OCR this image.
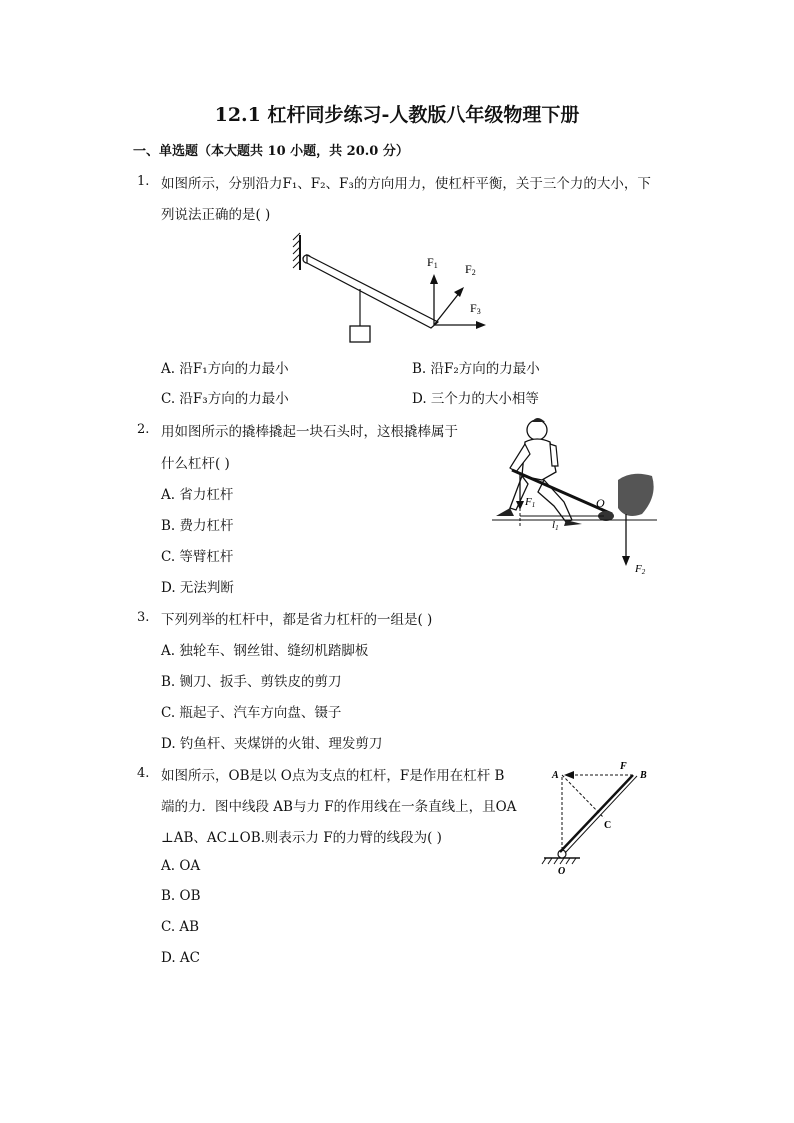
12.1 杠杆同步练习-人教版八年级物理下册
一、单选题（本大题共 10 小题，共 20.0 分）
1. 如图所示，分别沿力F₁、F₂、F₃的方向用力，使杠杆平衡，关于三个力的大小，下
列说法正确的是( )
F1 F2
F3
A. 沿F₁方向的力最小	B. 沿F₂方向的力最小
C. 沿F₃方向的力最小	D. 三个力的大小相等
2. 用如图所示的撬棒撬起一块石头时，这根撬棒属于
什么杠杆( )
F1	O
l1
F2
A. 省力杠杆
B. 费力杠杆
C. 等臂杠杆
D. 无法判断
3. 下列列举的杠杆中，都是省力杠杆的一组是( )
A. 独轮车、钢丝钳、缝纫机踏脚板
B. 铡刀、扳手、剪铁皮的剪刀
C. 瓶起子、汽车方向盘、镊子
D. 钓鱼杆、夹煤饼的火钳、理发剪刀
4. 如图所示，OB是以 O点为支点的杠杆，F是作用在杠杆 B
端的力．图中线段 AB与力 F的作用线在一条直线上，且OA
⊥AB、AC⊥OB.则表示力 F的力臂的线段为( )
A	B
C
O
F
A. OA
B. OB
C. AB
D. AC
